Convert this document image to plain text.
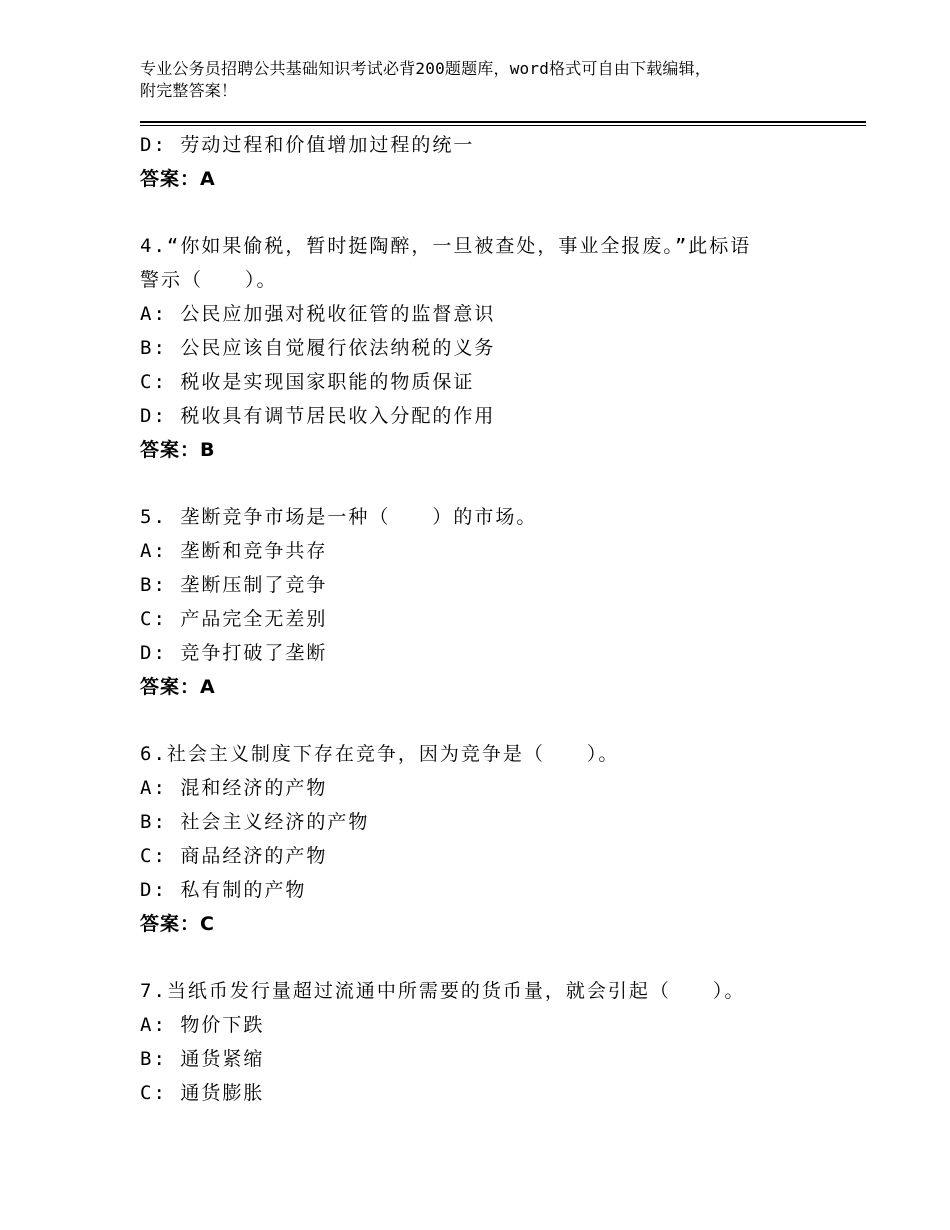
专业公务员招聘公共基础知识考试必背200题题库，word格式可自由下载编辑，
附完整答案！
D: 劳动过程和价值增加过程的统一
答案：A
4.“你如果偷税，暂时挺陶醉，一旦被查处，事业全报废。”此标语
警示（　　）。
A: 公民应加强对税收征管的监督意识
B: 公民应该自觉履行依法纳税的义务
C: 税收是实现国家职能的物质保证
D: 税收具有调节居民收入分配的作用
答案：B
5. 垄断竞争市场是一种（　　）的市场。
A: 垄断和竞争共存
B: 垄断压制了竞争
C: 产品完全无差别
D: 竞争打破了垄断
答案：A
6.社会主义制度下存在竞争，因为竞争是（　　）。
A: 混和经济的产物
B: 社会主义经济的产物
C: 商品经济的产物
D: 私有制的产物
答案：C
7.当纸币发行量超过流通中所需要的货币量，就会引起（　　）。
A: 物价下跌
B: 通货紧缩
C: 通货膨胀
